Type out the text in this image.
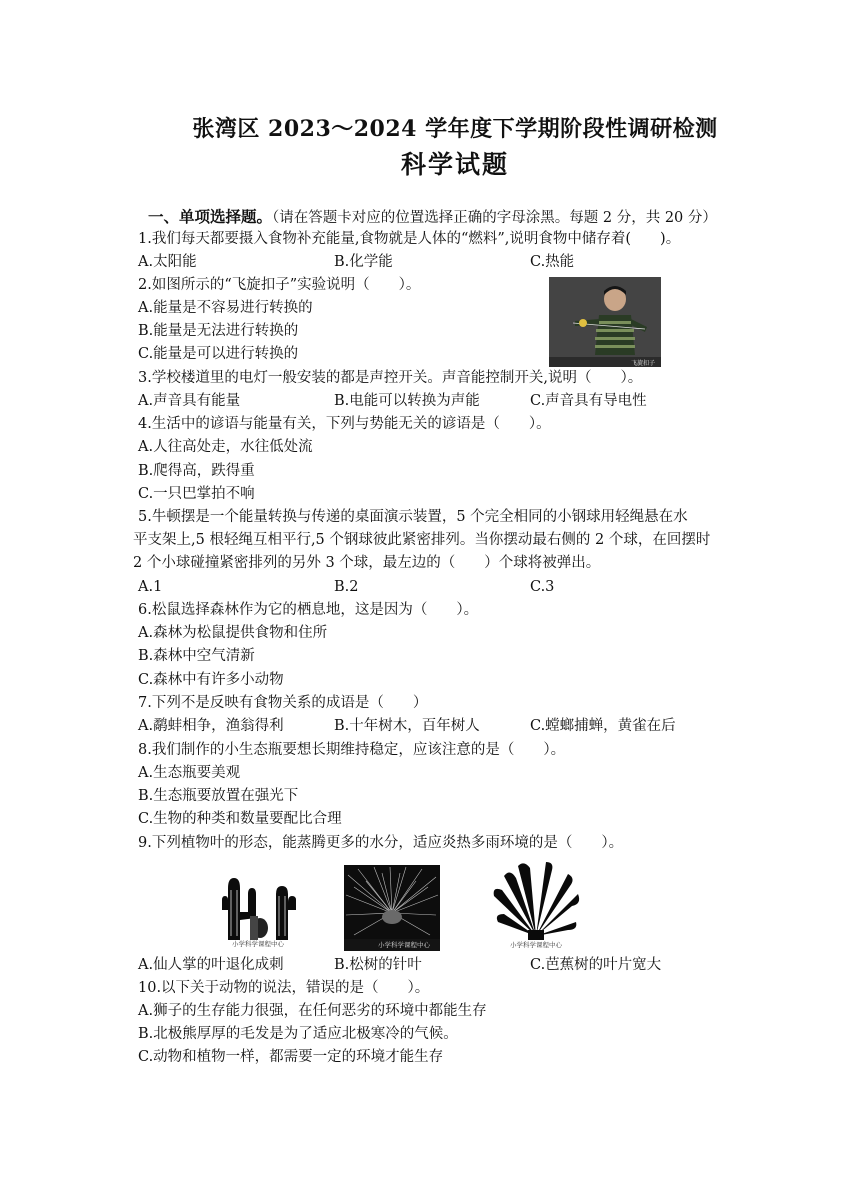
张湾区 2023～2024 学年度下学期阶段性调研检测
科学试题
一、单项选择题。（请在答题卡对应的位置选择正确的字母涂黑。每题 2 分，共 20 分）
1.我们每天都要摄入食物补充能量,食物就是人体的“燃料”,说明食物中储存着(　　)。
A.太阳能	B.化学能	C.热能
2.如图所示的“飞旋扣子”实验说明（　　）。
A.能量是不容易进行转换的
B.能量是无法进行转换的
C.能量是可以进行转换的
飞旋扣子
3.学校楼道里的电灯一般安装的都是声控开关。声音能控制开关,说明（　　）。
A.声音具有能量	B.电能可以转换为声能	C.声音具有导电性
4.生活中的谚语与能量有关，下列与势能无关的谚语是（　　）。
A.人往高处走，水往低处流
B.爬得高，跌得重
C.一只巴掌拍不响
5.牛顿摆是一个能量转换与传递的桌面演示装置，5 个完全相同的小钢球用轻绳悬在水
平支架上,5 根轻绳互相平行,5 个钢球彼此紧密排列。当你摆动最右侧的 2 个球，在回摆时
2 个小球碰撞紧密排列的另外 3 个球，最左边的（　　）个球将被弹出。
A.1	B.2	C.3
6.松鼠选择森林作为它的栖息地，这是因为（　　）。
A.森林为松鼠提供食物和住所
B.森林中空气清新
C.森林中有许多小动物
7.下列不是反映有食物关系的成语是（　　）
A.鹬蚌相争，渔翁得利	B.十年树木，百年树人	C.螳螂捕蝉，黄雀在后
8.我们制作的小生态瓶要想长期维持稳定，应该注意的是（　　）。
A.生态瓶要美观
B.生态瓶要放置在强光下
C.生物的种类和数量要配比合理
9.下列植物叶的形态，能蒸腾更多的水分，适应炎热多雨环境的是（　　）。
小学科学课程中心	小学科学课程中心	小学科学课程中心
A.仙人掌的叶退化成刺	B.松树的针叶	C.芭蕉树的叶片宽大
10.以下关于动物的说法，错误的是（　　）。
A.狮子的生存能力很强，在任何恶劣的环境中都能生存
B.北极熊厚厚的毛发是为了适应北极寒冷的气候。
C.动物和植物一样，都需要一定的环境才能生存
